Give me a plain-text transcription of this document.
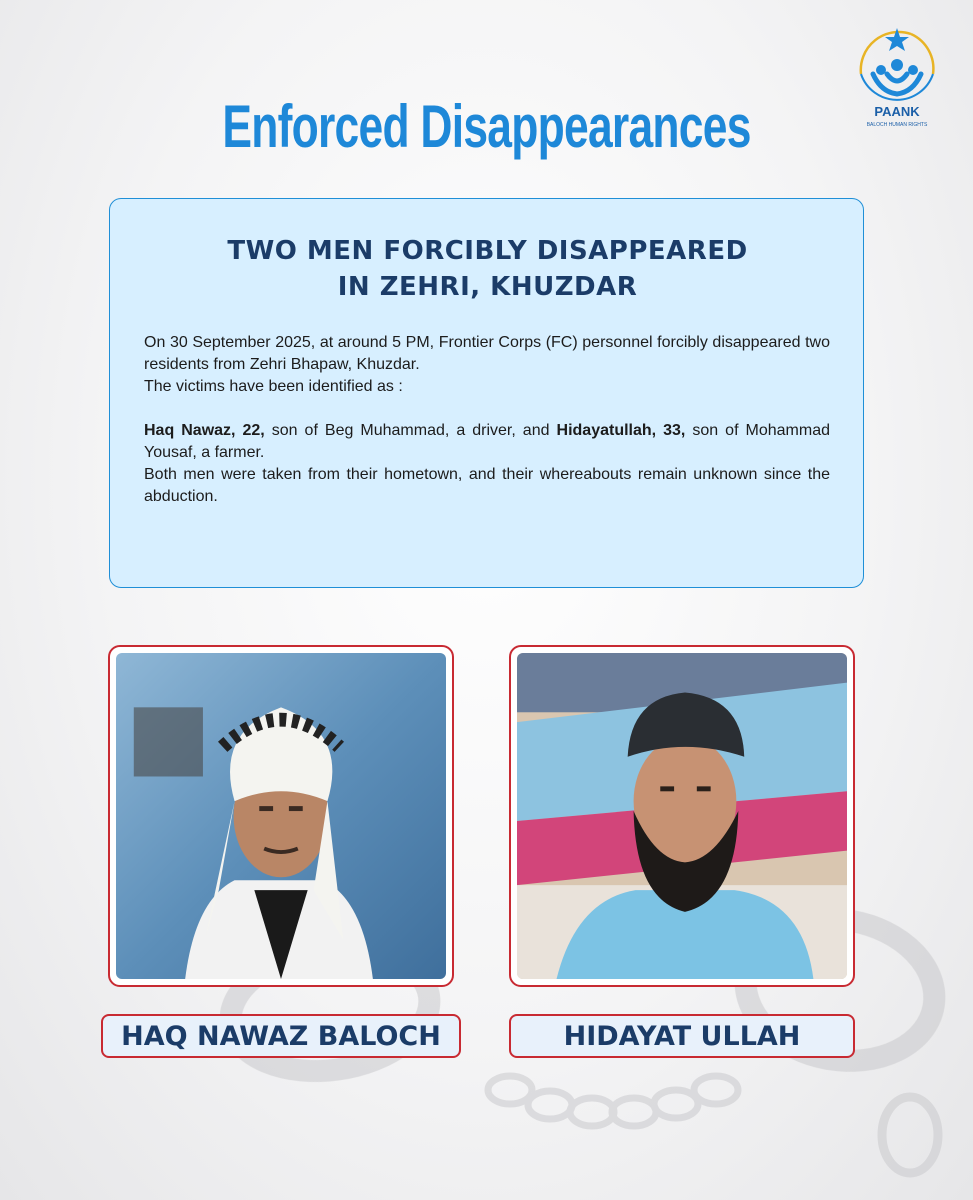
Enforced Disappearances	PAANK
BALOCH HUMAN RIGHTS
TWO MEN FORCIBLY DISAPPEARED
IN ZEHRI, KHUZDAR

On 30 September 2025, at around 5 PM, Frontier Corps (FC) personnel forcibly disappeared two residents from Zehri Bhapaw, Khuzdar.

The victims have been identified as :

Haq Nawaz, 22, son of Beg Muhammad, a driver, and Hidayatullah, 33, son of Mohammad Yousaf, a farmer.

Both men were taken from their hometown, and their whereabouts remain unknown since the abduction.

HAQ NAWAZ BALOCH	HIDAYAT ULLAH
